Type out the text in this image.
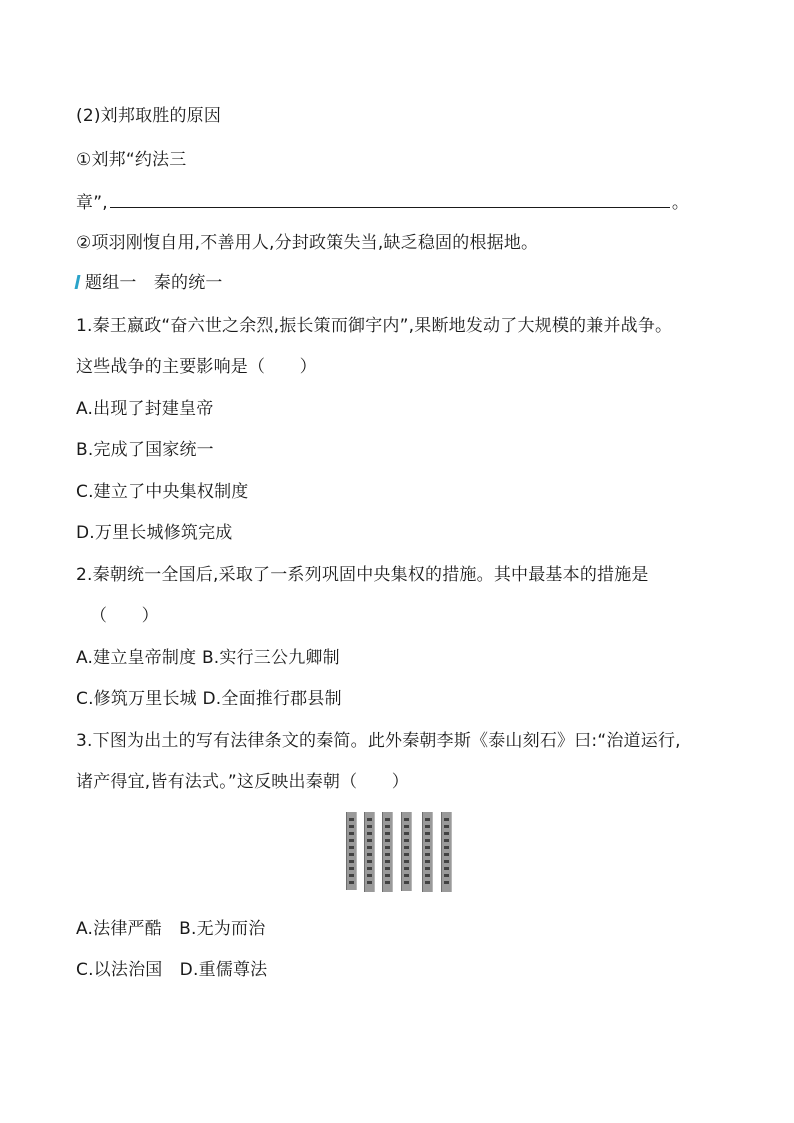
(2)刘邦取胜的原因
①刘邦“约法三
章”,	。
②项羽刚愎自用,不善用人,分封政策失当,缺乏稳固的根据地。
题组一　秦的统一
1.秦王嬴政“奋六世之余烈,振长策而御宇内”,果断地发动了大规模的兼并战争。
这些战争的主要影响是（　　）
A.出现了封建皇帝
B.完成了国家统一
C.建立了中央集权制度
D.万里长城修筑完成
2.秦朝统一全国后,采取了一系列巩固中央集权的措施。其中最基本的措施是
（　　）
A.建立皇帝制度 B.实行三公九卿制
C.修筑万里长城 D.全面推行郡县制
3.下图为出土的写有法律条文的秦简。此外秦朝李斯《泰山刻石》曰:“治道运行,
诸产得宜,皆有法式。”这反映出秦朝（　　）
A.法律严酷　B.无为而治
C.以法治国　D.重儒尊法
